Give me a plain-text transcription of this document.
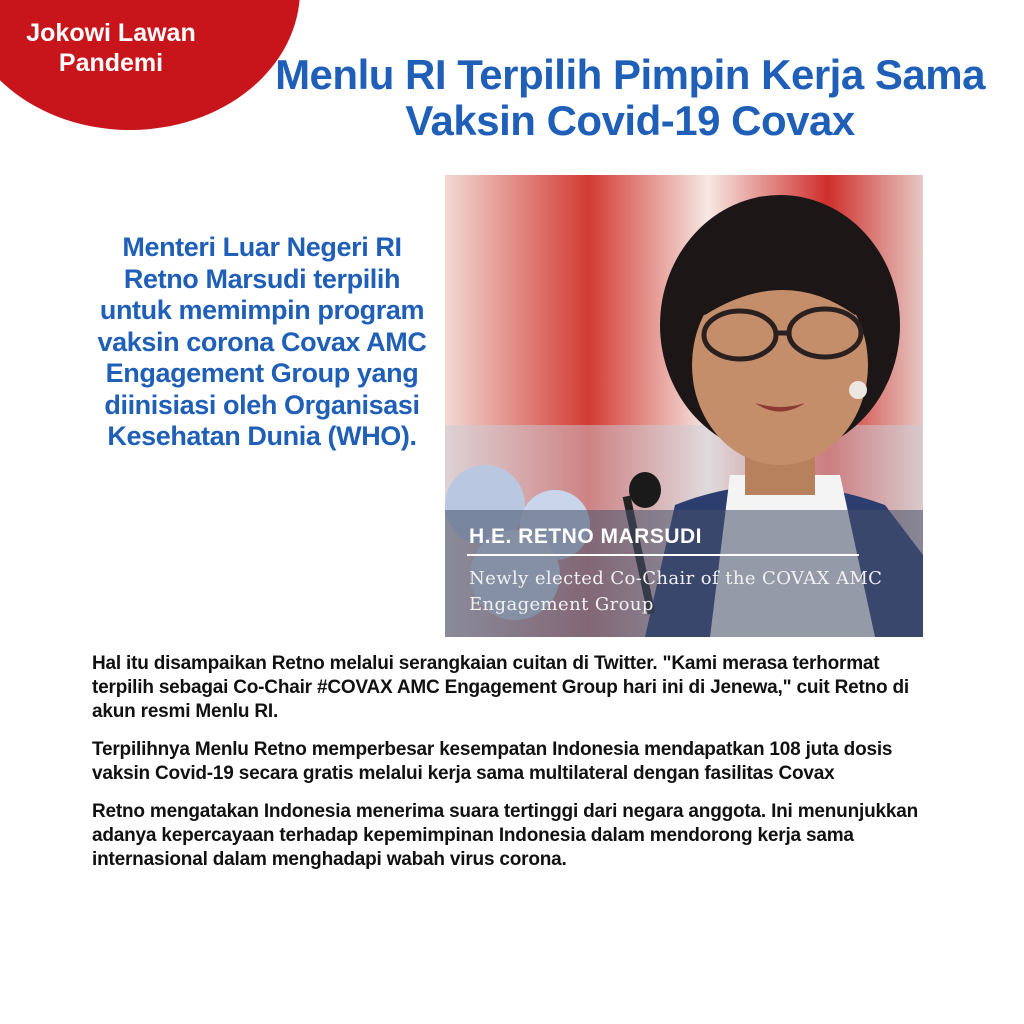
Jokowi Lawan Pandemi	Menlu RI Terpilih Pimpin Kerja Sama Vaksin Covid-19 Covax
Menteri Luar Negeri RI Retno Marsudi terpilih untuk memimpin program vaksin corona Covax AMC Engagement Group yang diinisiasi oleh Organisasi Kesehatan Dunia (WHO).
H.E. RETNO MARSUDI
Newly elected Co-Chair of the COVAX AMC Engagement Group

Hal itu disampaikan Retno melalui serangkaian cuitan di Twitter. "Kami merasa terhormat terpilih sebagai Co-Chair #COVAX AMC Engagement Group hari ini di Jenewa," cuit Retno di akun resmi Menlu RI.

Terpilihnya Menlu Retno memperbesar kesempatan Indonesia mendapatkan 108 juta dosis vaksin Covid-19 secara gratis melalui kerja sama multilateral dengan fasilitas Covax

Retno mengatakan Indonesia menerima suara tertinggi dari negara anggota. Ini menunjukkan adanya kepercayaan terhadap kepemimpinan Indonesia dalam mendorong kerja sama internasional dalam menghadapi wabah virus corona.
